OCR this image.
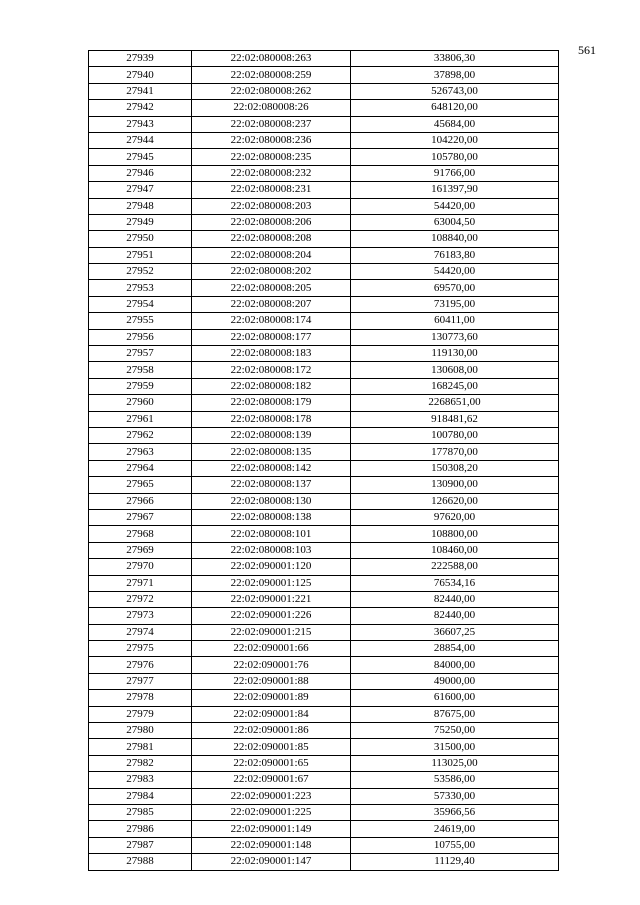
561
27939	22:02:080008:263	33806,30
27940	22:02:080008:259	37898,00
27941	22:02:080008:262	526743,00
27942	22:02:080008:26	648120,00
27943	22:02:080008:237	45684,00
27944	22:02:080008:236	104220,00
27945	22:02:080008:235	105780,00
27946	22:02:080008:232	91766,00
27947	22:02:080008:231	161397,90
27948	22:02:080008:203	54420,00
27949	22:02:080008:206	63004,50
27950	22:02:080008:208	108840,00
27951	22:02:080008:204	76183,80
27952	22:02:080008:202	54420,00
27953	22:02:080008:205	69570,00
27954	22:02:080008:207	73195,00
27955	22:02:080008:174	60411,00
27956	22:02:080008:177	130773,60
27957	22:02:080008:183	119130,00
27958	22:02:080008:172	130608,00
27959	22:02:080008:182	168245,00
27960	22:02:080008:179	2268651,00
27961	22:02:080008:178	918481,62
27962	22:02:080008:139	100780,00
27963	22:02:080008:135	177870,00
27964	22:02:080008:142	150308,20
27965	22:02:080008:137	130900,00
27966	22:02:080008:130	126620,00
27967	22:02:080008:138	97620,00
27968	22:02:080008:101	108800,00
27969	22:02:080008:103	108460,00
27970	22:02:090001:120	222588,00
27971	22:02:090001:125	76534,16
27972	22:02:090001:221	82440,00
27973	22:02:090001:226	82440,00
27974	22:02:090001:215	36607,25
27975	22:02:090001:66	28854,00
27976	22:02:090001:76	84000,00
27977	22:02:090001:88	49000,00
27978	22:02:090001:89	61600,00
27979	22:02:090001:84	87675,00
27980	22:02:090001:86	75250,00
27981	22:02:090001:85	31500,00
27982	22:02:090001:65	113025,00
27983	22:02:090001:67	53586,00
27984	22:02:090001:223	57330,00
27985	22:02:090001:225	35966,56
27986	22:02:090001:149	24619,00
27987	22:02:090001:148	10755,00
27988	22:02:090001:147	11129,40
